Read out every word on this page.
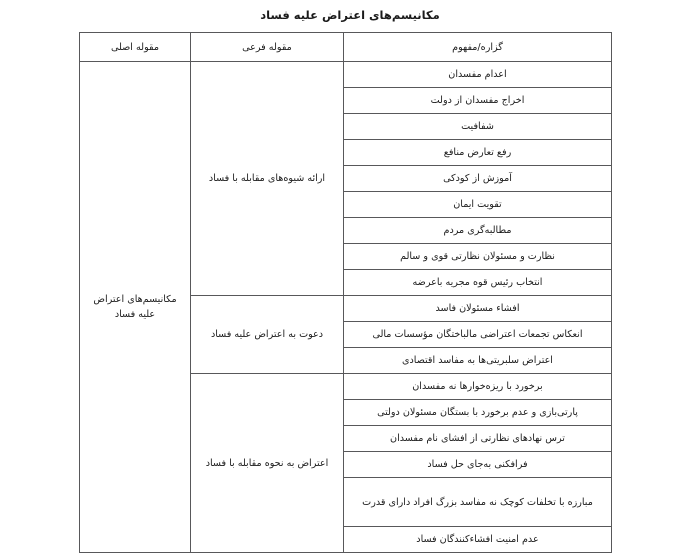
مکانیسم‌های اعتراض علیه فساد
گزاره/مفهوم	مقوله فرعی	مقوله اصلی
اعدام مفسدان	ارائه شیوه‌های مقابله با فساد	مکانیسم‌های اعتراض علیه فساد
اخراج مفسدان از دولت		
شفافیت		
رفع تعارض منافع		
آموزش از کودکی		
تقویت ایمان		
مطالبه‌گری مردم		
نظارت و مسئولان نظارتی قوی و سالم		
انتخاب رئیس قوه مجریه باعرضه		
افشاء مسئولان فاسد	دعوت به اعتراض علیه فساد	
انعکاس تجمعات اعتراضی مالباختگان مؤسسات مالی		
اعتراض سلبریتی‌ها به مفاسد اقتصادی		
برخورد با ریزه‌خوارها نه مفسدان	اعتراض به نحوه مقابله با فساد	
پارتی‌بازی و عدم برخورد با بستگان مسئولان دولتی		
ترس نهادهای نظارتی از افشای نام مفسدان		
فرافکنی به‌جای حل فساد		
مبارزه با تخلفات کوچک نه مفاسد بزرگ افراد دارای قدرت		
عدم امنیت افشاءکنندگان فساد		
